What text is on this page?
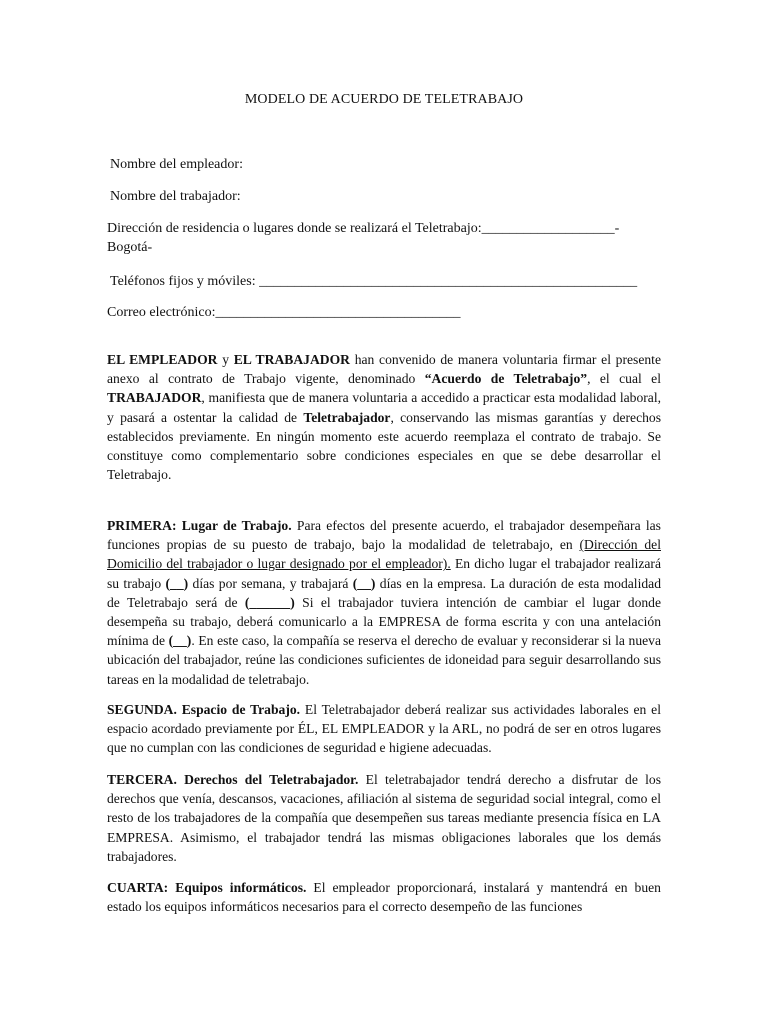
MODELO DE ACUERDO DE TELETRABAJO
Nombre del empleador:
Nombre del trabajador:
Dirección de residencia o lugares donde se realizará el Teletrabajo:___________________-
Bogotá-
Teléfonos fijos y móviles: ______________________________________________________
Correo electrónico:___________________________________

EL EMPLEADOR y EL TRABAJADOR han convenido de manera voluntaria firmar el presente anexo al contrato de Trabajo vigente, denominado “Acuerdo de Teletrabajo”, el cual el TRABAJADOR, manifiesta que de manera voluntaria a accedido a practicar esta modalidad laboral, y pasará a ostentar la calidad de Teletrabajador, conservando las mismas garantías y derechos establecidos previamente. En ningún momento este acuerdo reemplaza el contrato de trabajo. Se constituye como complementario sobre condiciones especiales en que se debe desarrollar el Teletrabajo.

PRIMERA: Lugar de Trabajo. Para efectos del presente acuerdo, el trabajador desempeñara las funciones propias de su puesto de trabajo, bajo la modalidad de teletrabajo, en (Dirección del Domicilio del trabajador o lugar designado por el empleador). En dicho lugar el trabajador realizará su trabajo (__) días por semana, y trabajará (__) días en la empresa. La duración de esta modalidad de Teletrabajo será de (______) Si el trabajador tuviera intención de cambiar el lugar donde desempeña su trabajo, deberá comunicarlo a la EMPRESA de forma escrita y con una antelación mínima de (__). En este caso, la compañía se reserva el derecho de evaluar y reconsiderar si la nueva ubicación del trabajador, reúne las condiciones suficientes de idoneidad para seguir desarrollando sus tareas en la modalidad de teletrabajo.

SEGUNDA. Espacio de Trabajo. El Teletrabajador deberá realizar sus actividades laborales en el espacio acordado previamente por ÉL, EL EMPLEADOR y la ARL, no podrá de ser en otros lugares que no cumplan con las condiciones de seguridad e higiene adecuadas.

TERCERA. Derechos del Teletrabajador. El teletrabajador tendrá derecho a disfrutar de los derechos que venía, descansos, vacaciones, afiliación al sistema de seguridad social integral, como el resto de los trabajadores de la compañía que desempeñen sus tareas mediante presencia física en LA EMPRESA. Asimismo, el trabajador tendrá las mismas obligaciones laborales que los demás trabajadores.

CUARTA: Equipos informáticos. El empleador proporcionará, instalará y mantendrá en buen estado los equipos informáticos necesarios para el correcto desempeño de las funciones
